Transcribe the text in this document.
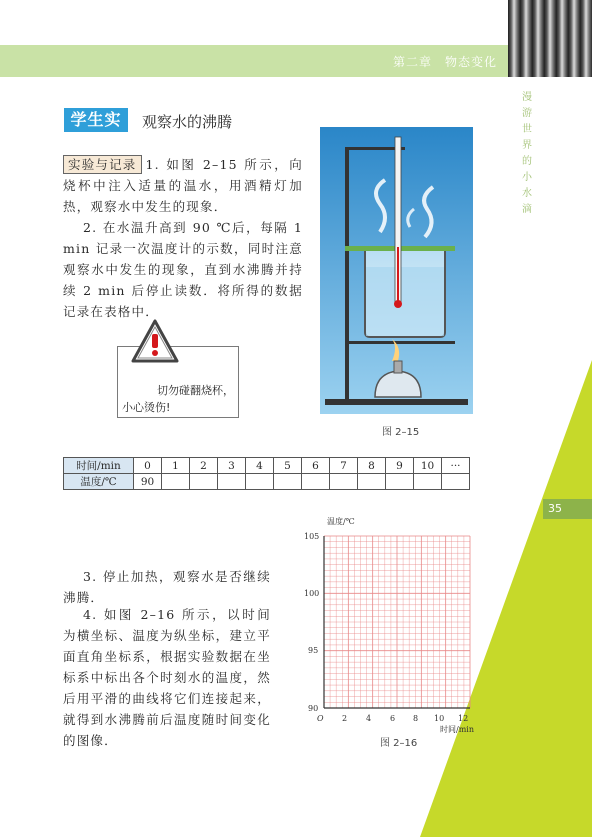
第二章　物态变化
漫游世界的小水滴
35
学生实验
观察水的沸腾
实验与记录 1. 如图 2–15 所示，向烧杯中注入适量的温水，用酒精灯加热，观察水中发生的现象．
2. 在水温升高到 90 ℃后，每隔 1 min 记录一次温度计的示数，同时注意观察水中发生的现象，直到水沸腾并持续 2 min 后停止读数．将所得的数据记录在表格中．
切勿碰翻烧杯，
小心烫伤!
图 2–15
时间/min	0	1	2	3	4	5	6	7	8	9	10	···
温度/℃	90											
3. 停止加热，观察水是否继续沸腾．
4. 如图 2–16 所示，以时间为横坐标、温度为纵坐标，建立平面直角坐标系，根据实验数据在坐标系中标出各个时刻水的温度，然后用平滑的曲线将它们连接起来，就得到水沸腾前后温度随时间变化的图像．
温度/℃
时间/min
O
105
100
95
90
2 4 6 8 10 12
图 2–16
